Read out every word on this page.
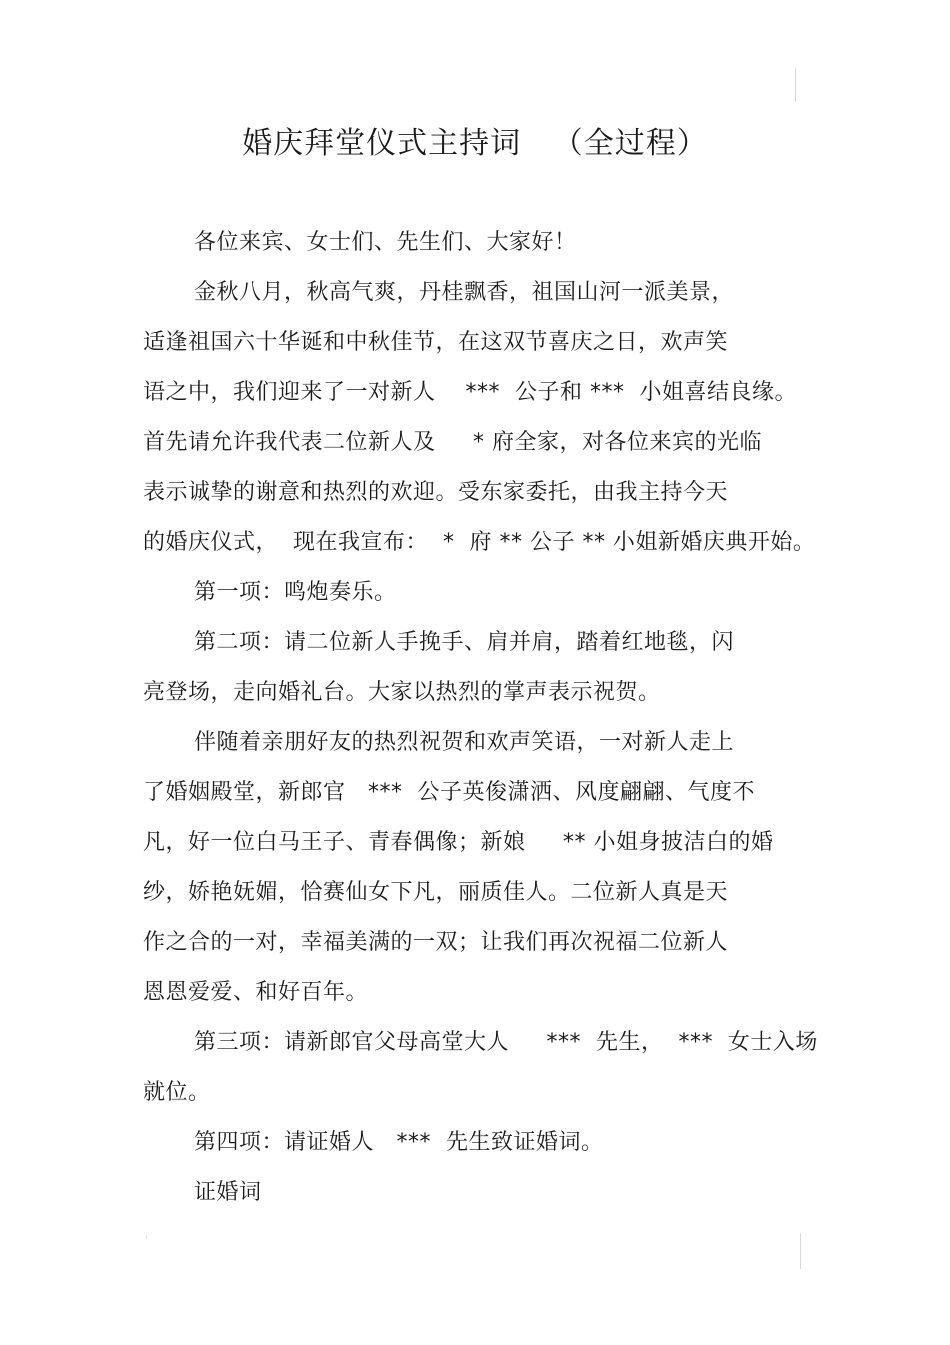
婚庆拜堂仪式主持词   （全过程）
各位来宾、女士们、先生们、大家好！
金秋八月，秋高气爽，丹桂飘香，祖国山河一派美景，
适逢祖国六十华诞和中秋佳节，在这双节喜庆之日，欢声笑
语之中，我们迎来了一对新人    ***  公子和 ***  小姐喜结良缘。
首先请允许我代表二位新人及     * 府全家，对各位来宾的光临
表示诚挚的谢意和热烈的欢迎。受东家委托，由我主持今天
的婚庆仪式，  现在我宣布：  *  府 ** 公子 ** 小姐新婚庆典开始。
第一项：鸣炮奏乐。
第二项：请二位新人手挽手、肩并肩，踏着红地毯，闪
亮登场，走向婚礼台。大家以热烈的掌声表示祝贺。
伴随着亲朋好友的热烈祝贺和欢声笑语，一对新人走上
了婚姻殿堂，新郎官   ***  公子英俊潇洒、风度翩翩、气度不
凡，好一位白马王子、青春偶像；新娘     ** 小姐身披洁白的婚
纱，娇艳妩媚，恰赛仙女下凡，丽质佳人。二位新人真是天
作之合的一对，幸福美满的一双；让我们再次祝福二位新人
恩恩爱爱、和好百年。
第三项：请新郎官父母高堂大人     ***  先生，  ***  女士入场
就位。
第四项：请证婚人   ***  先生致证婚词。
证婚词
